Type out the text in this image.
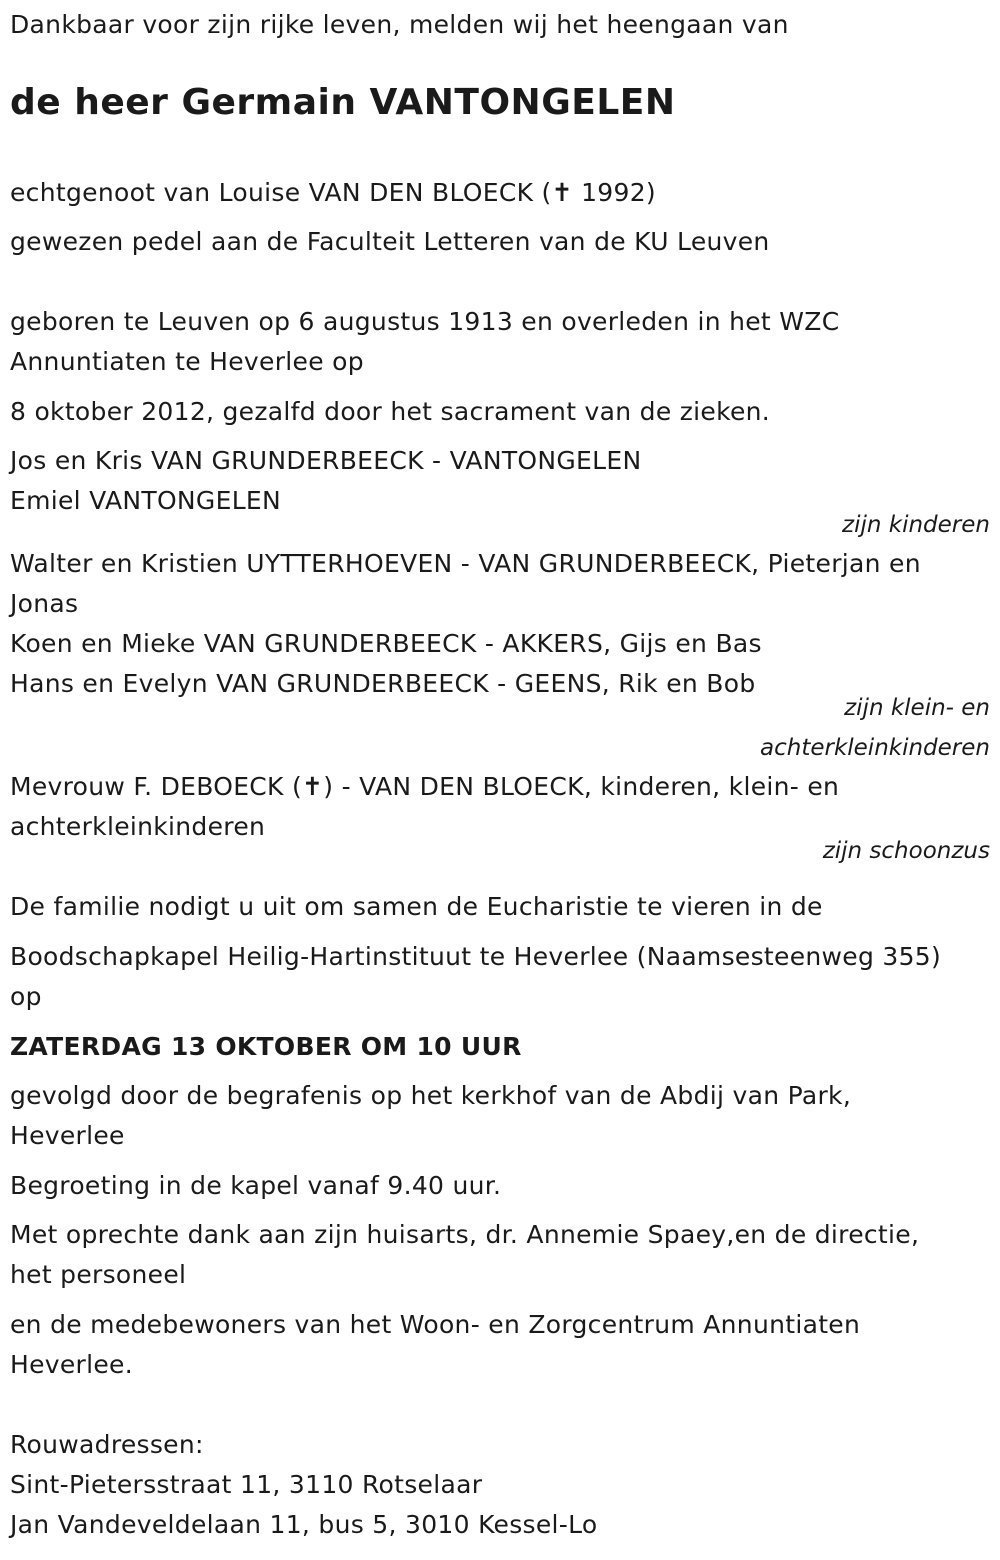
Dankbaar voor zijn rijke leven, melden wij het heengaan van
de heer Germain VANTONGELEN
echtgenoot van Louise VAN DEN BLOECK (✝ 1992)
gewezen pedel aan de Faculteit Letteren van de KU Leuven
geboren te Leuven op 6 augustus 1913 en overleden in het WZC
Annuntiaten te Heverlee op
8 oktober 2012, gezalfd door het sacrament van de zieken.
Jos en Kris VAN GRUNDERBEECK - VANTONGELEN
Emiel VANTONGELEN
zijn kinderen
Walter en Kristien UYTTERHOEVEN - VAN GRUNDERBEECK, Pieterjan en
Jonas
Koen en Mieke VAN GRUNDERBEECK - AKKERS, Gijs en Bas
Hans en Evelyn VAN GRUNDERBEECK - GEENS, Rik en Bob
zijn klein- en
achterkleinkinderen
Mevrouw F. DEBOECK (✝) - VAN DEN BLOECK, kinderen, klein- en
achterkleinkinderen
zijn schoonzus
De familie nodigt u uit om samen de Eucharistie te vieren in de
Boodschapkapel Heilig-Hartinstituut te Heverlee (Naamsesteenweg 355)
op
ZATERDAG 13 OKTOBER OM 10 UUR
gevolgd door de begrafenis op het kerkhof van de Abdij van Park,
Heverlee
Begroeting in de kapel vanaf 9.40 uur.
Met oprechte dank aan zijn huisarts, dr. Annemie Spaey,en de directie,
het personeel
en de medebewoners van het Woon- en Zorgcentrum Annuntiaten
Heverlee.
Rouwadressen:
Sint-Pietersstraat 11, 3110 Rotselaar
Jan Vandeveldelaan 11, bus 5, 3010 Kessel-Lo
